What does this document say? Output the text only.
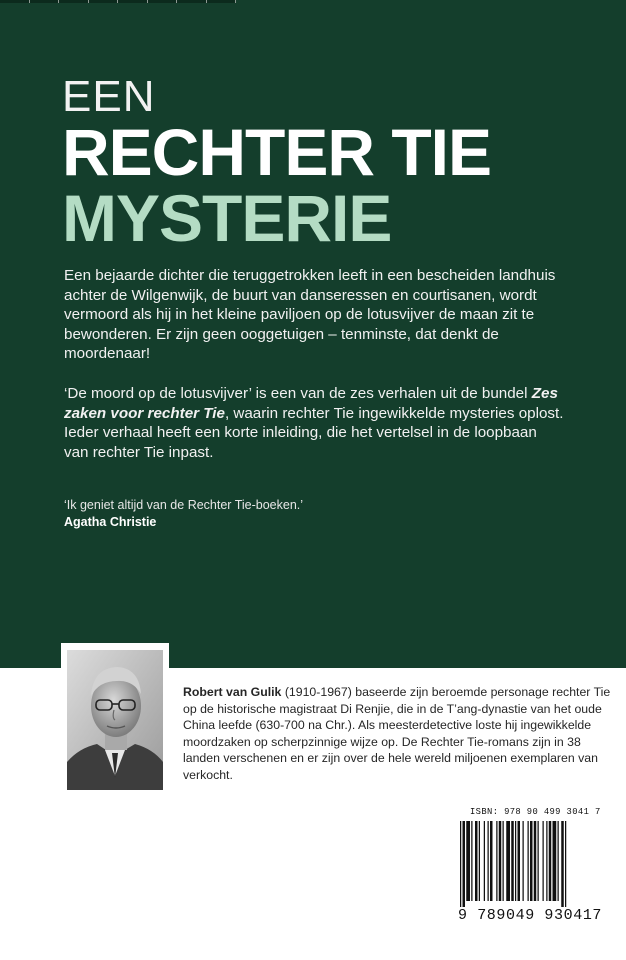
EEN
RECHTER TIE
MYSTERIE

Een bejaarde dichter die teruggetrokken leeft in een bescheiden landhuis achter de Wilgenwijk, de buurt van danseressen en courtisanen, wordt vermoord als hij in het kleine paviljoen op de lotusvijver de maan zit te bewonderen. Er zijn geen ooggetuigen – tenminste, dat denkt de moordenaar!

‘De moord op de lotusvijver’ is een van de zes verhalen uit de bundel Zes zaken voor rechter Tie, waarin rechter Tie ingewikkelde mysteries oplost. Ieder verhaal heeft een korte inleiding, die het vertelsel in de loopbaan van rechter Tie inpast.

‘Ik geniet altijd van de Rechter Tie-boeken.’
Agatha Christie

Robert van Gulik (1910-1967) baseerde zijn beroemde personage rechter Tie op de historische magistraat Di Renjie, die in de T’ang-dynastie van het oude China leefde (630-700 na Chr.). Als meesterdetective loste hij ingewikkelde moordzaken op scherpzinnige wijze op. De Rechter Tie-romans zijn in 38 landen verschenen en er zijn over de hele wereld miljoenen exemplaren van verkocht.

ISBN: 978 90 499 3041 7
9 789049 930417
